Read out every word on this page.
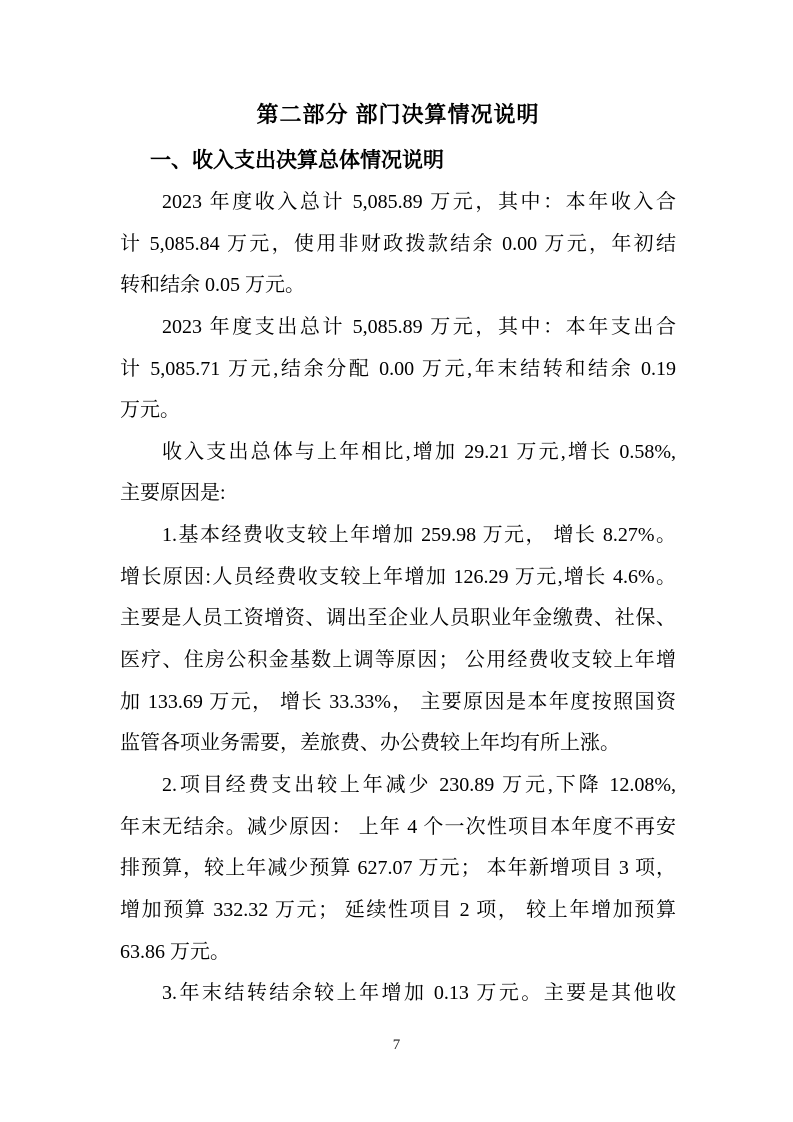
第二部分 部门决算情况说明
一、收入支出决算总体情况说明
2023 年度收入总计 5,085.89 万元，其中：本年收入合
计 5,085.84 万元，使用非财政拨款结余 0.00 万元，年初结
转和结余 0.05 万元。
2023 年度支出总计 5,085.89 万元，其中：本年支出合
计 5,085.71 万元,结余分配 0.00 万元,年末结转和结余 0.19
万元。
收入支出总体与上年相比,增加 29.21 万元,增长 0.58%,
主要原因是:
1.基本经费收支较上年增加 259.98 万元， 增长 8.27%。
增长原因:人员经费收支较上年增加 126.29 万元,增长 4.6%。
主要是人员工资增资、调出至企业人员职业年金缴费、社保、
医疗、住房公积金基数上调等原因； 公用经费收支较上年增
加 133.69 万元， 增长 33.33%， 主要原因是本年度按照国资
监管各项业务需要，差旅费、办公费较上年均有所上涨。
2.项目经费支出较上年减少 230.89 万元,下降 12.08%,
年末无结余。减少原因： 上年 4 个一次性项目本年度不再安
排预算，较上年减少预算 627.07 万元； 本年新增项目 3 项，
增加预算 332.32 万元； 延续性项目 2 项， 较上年增加预算
63.86 万元。
3.年末结转结余较上年增加 0.13 万元。主要是其他收
7
